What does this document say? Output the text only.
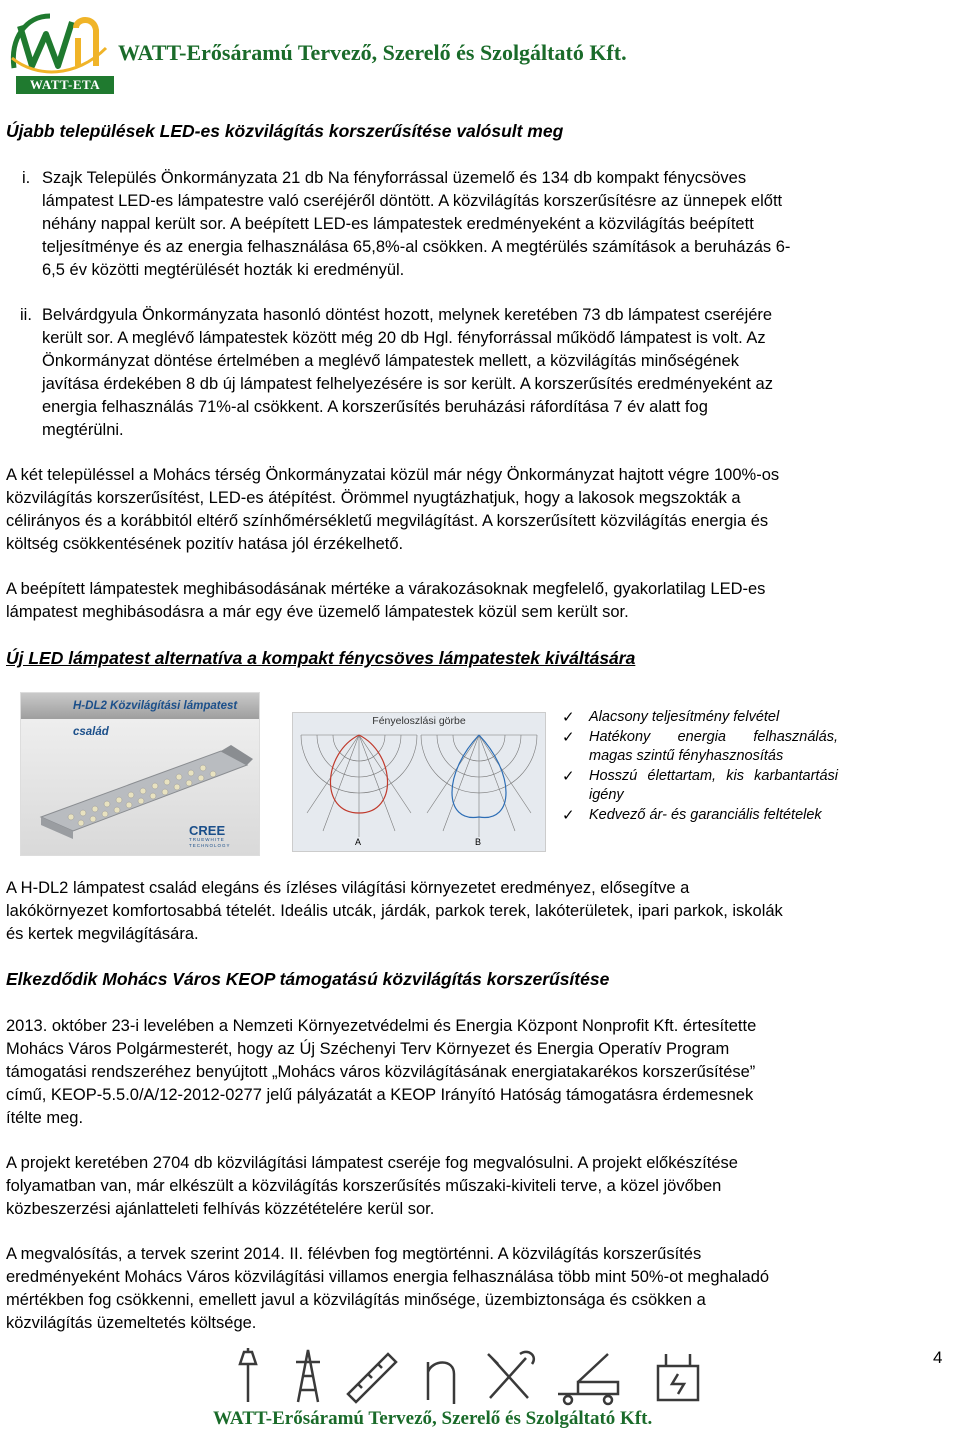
WATT-ETA
WATT-Erősáramú Tervező, Szerelő és Szolgáltató Kft.
Újabb települések LED-es közvilágítás korszerűsítése valósult meg
i. Szajk Település Önkormányzata 21 db Na fényforrással üzemelő és 134 db kompakt fénycsöves
lámpatest LED-es lámpatestre való cseréjéről döntött. A közvilágítás korszerűsítésre az ünnepek előtt
néhány nappal került sor. A beépített LED-es lámpatestek eredményeként a közvilágítás beépített
teljesítménye és az energia felhasználása 65,8%-al csökken. A megtérülés számítások a beruházás 6-
6,5 év közötti megtérülését hozták ki eredményül.
ii. Belvárdgyula Önkormányzata hasonló döntést hozott, melynek keretében 73 db lámpatest cseréjére
került sor. A meglévő lámpatestek között még 20 db Hgl. fényforrással működő lámpatest is volt. Az
Önkormányzat döntése értelmében a meglévő lámpatestek mellett, a közvilágítás minőségének
javítása érdekében 8 db új lámpatest felhelyezésére is sor került. A korszerűsítés eredményeként az
energia felhasználás 71%-al csökkent. A korszerűsítés beruházási ráfordítása 7 év alatt fog
megtérülni.
A két településsel a Mohács térség Önkormányzatai közül már négy Önkormányzat hajtott végre 100%-os
közvilágítás korszerűsítést, LED-es átépítést. Örömmel nyugtázhatjuk, hogy a lakosok megszokták a
célirányos és a korábbitól eltérő színhőmérsékletű megvilágítást. A korszerűsített közvilágítás energia és
költség csökkentésének pozitív hatása jól érzékelhető.
A beépített lámpatestek meghibásodásának mértéke a várakozásoknak megfelelő, gyakorlatilag LED-es
lámpatest meghibásodásra a már egy éve üzemelő lámpatestek közül sem került sor.
Új LED lámpatest alternatíva a kompakt fénycsöves lámpatestek kiváltására
H-DL2 Közvilágítási lámpatest család
CREE
TRUEWHITE
TECHNOLOGY
Fényeloszlási görbe
A	B
✓ Alacsony teljesítmény felvétel
✓ Hatékony energia felhasználás, magas szintű fényhasznosítás
✓ Hosszú élettartam, kis karbantartási igény
✓ Kedvező ár- és garanciális feltételek
A H-DL2 lámpatest család elegáns és ízléses világítási környezetet eredményez, elősegítve a
lakókörnyezet komfortosabbá tételét. Ideális utcák, járdák, parkok terek, lakóterületek, ipari parkok, iskolák
és kertek megvilágítására.
Elkezdődik Mohács Város KEOP támogatású közvilágítás korszerűsítése
2013. október 23-i levelében a Nemzeti Környezetvédelmi és Energia Központ Nonprofit Kft. értesítette
Mohács Város Polgármesterét, hogy az Új Széchenyi Terv Környezet és Energia Operatív Program
támogatási rendszeréhez benyújtott „Mohács város közvilágításának energiatakarékos korszerűsítése”
című, KEOP-5.5.0/A/12-2012-0277 jelű pályázatát a KEOP Irányító Hatóság támogatásra érdemesnek
ítélte meg.
A projekt keretében 2704 db közvilágítási lámpatest cseréje fog megvalósulni. A projekt előkészítése
folyamatban van, már elkészült a közvilágítás korszerűsítés műszaki-kiviteli terve, a közel jövőben
közbeszerzési ajánlatteleti felhívás közzétételére kerül sor.
A megvalósítás, a tervek szerint 2014. II. félévben fog megtörténni. A közvilágítás korszerűsítés
eredményeként Mohács Város közvilágítási villamos energia felhasználása több mint 50%-ot meghaladó
mértékben fog csökkenni, emellett javul a közvilágítás minősége, üzembiztonsága és csökken a
közvilágítás üzemeltetés költsége.
4
WATT-Erősáramú Tervező, Szerelő és Szolgáltató Kft.
